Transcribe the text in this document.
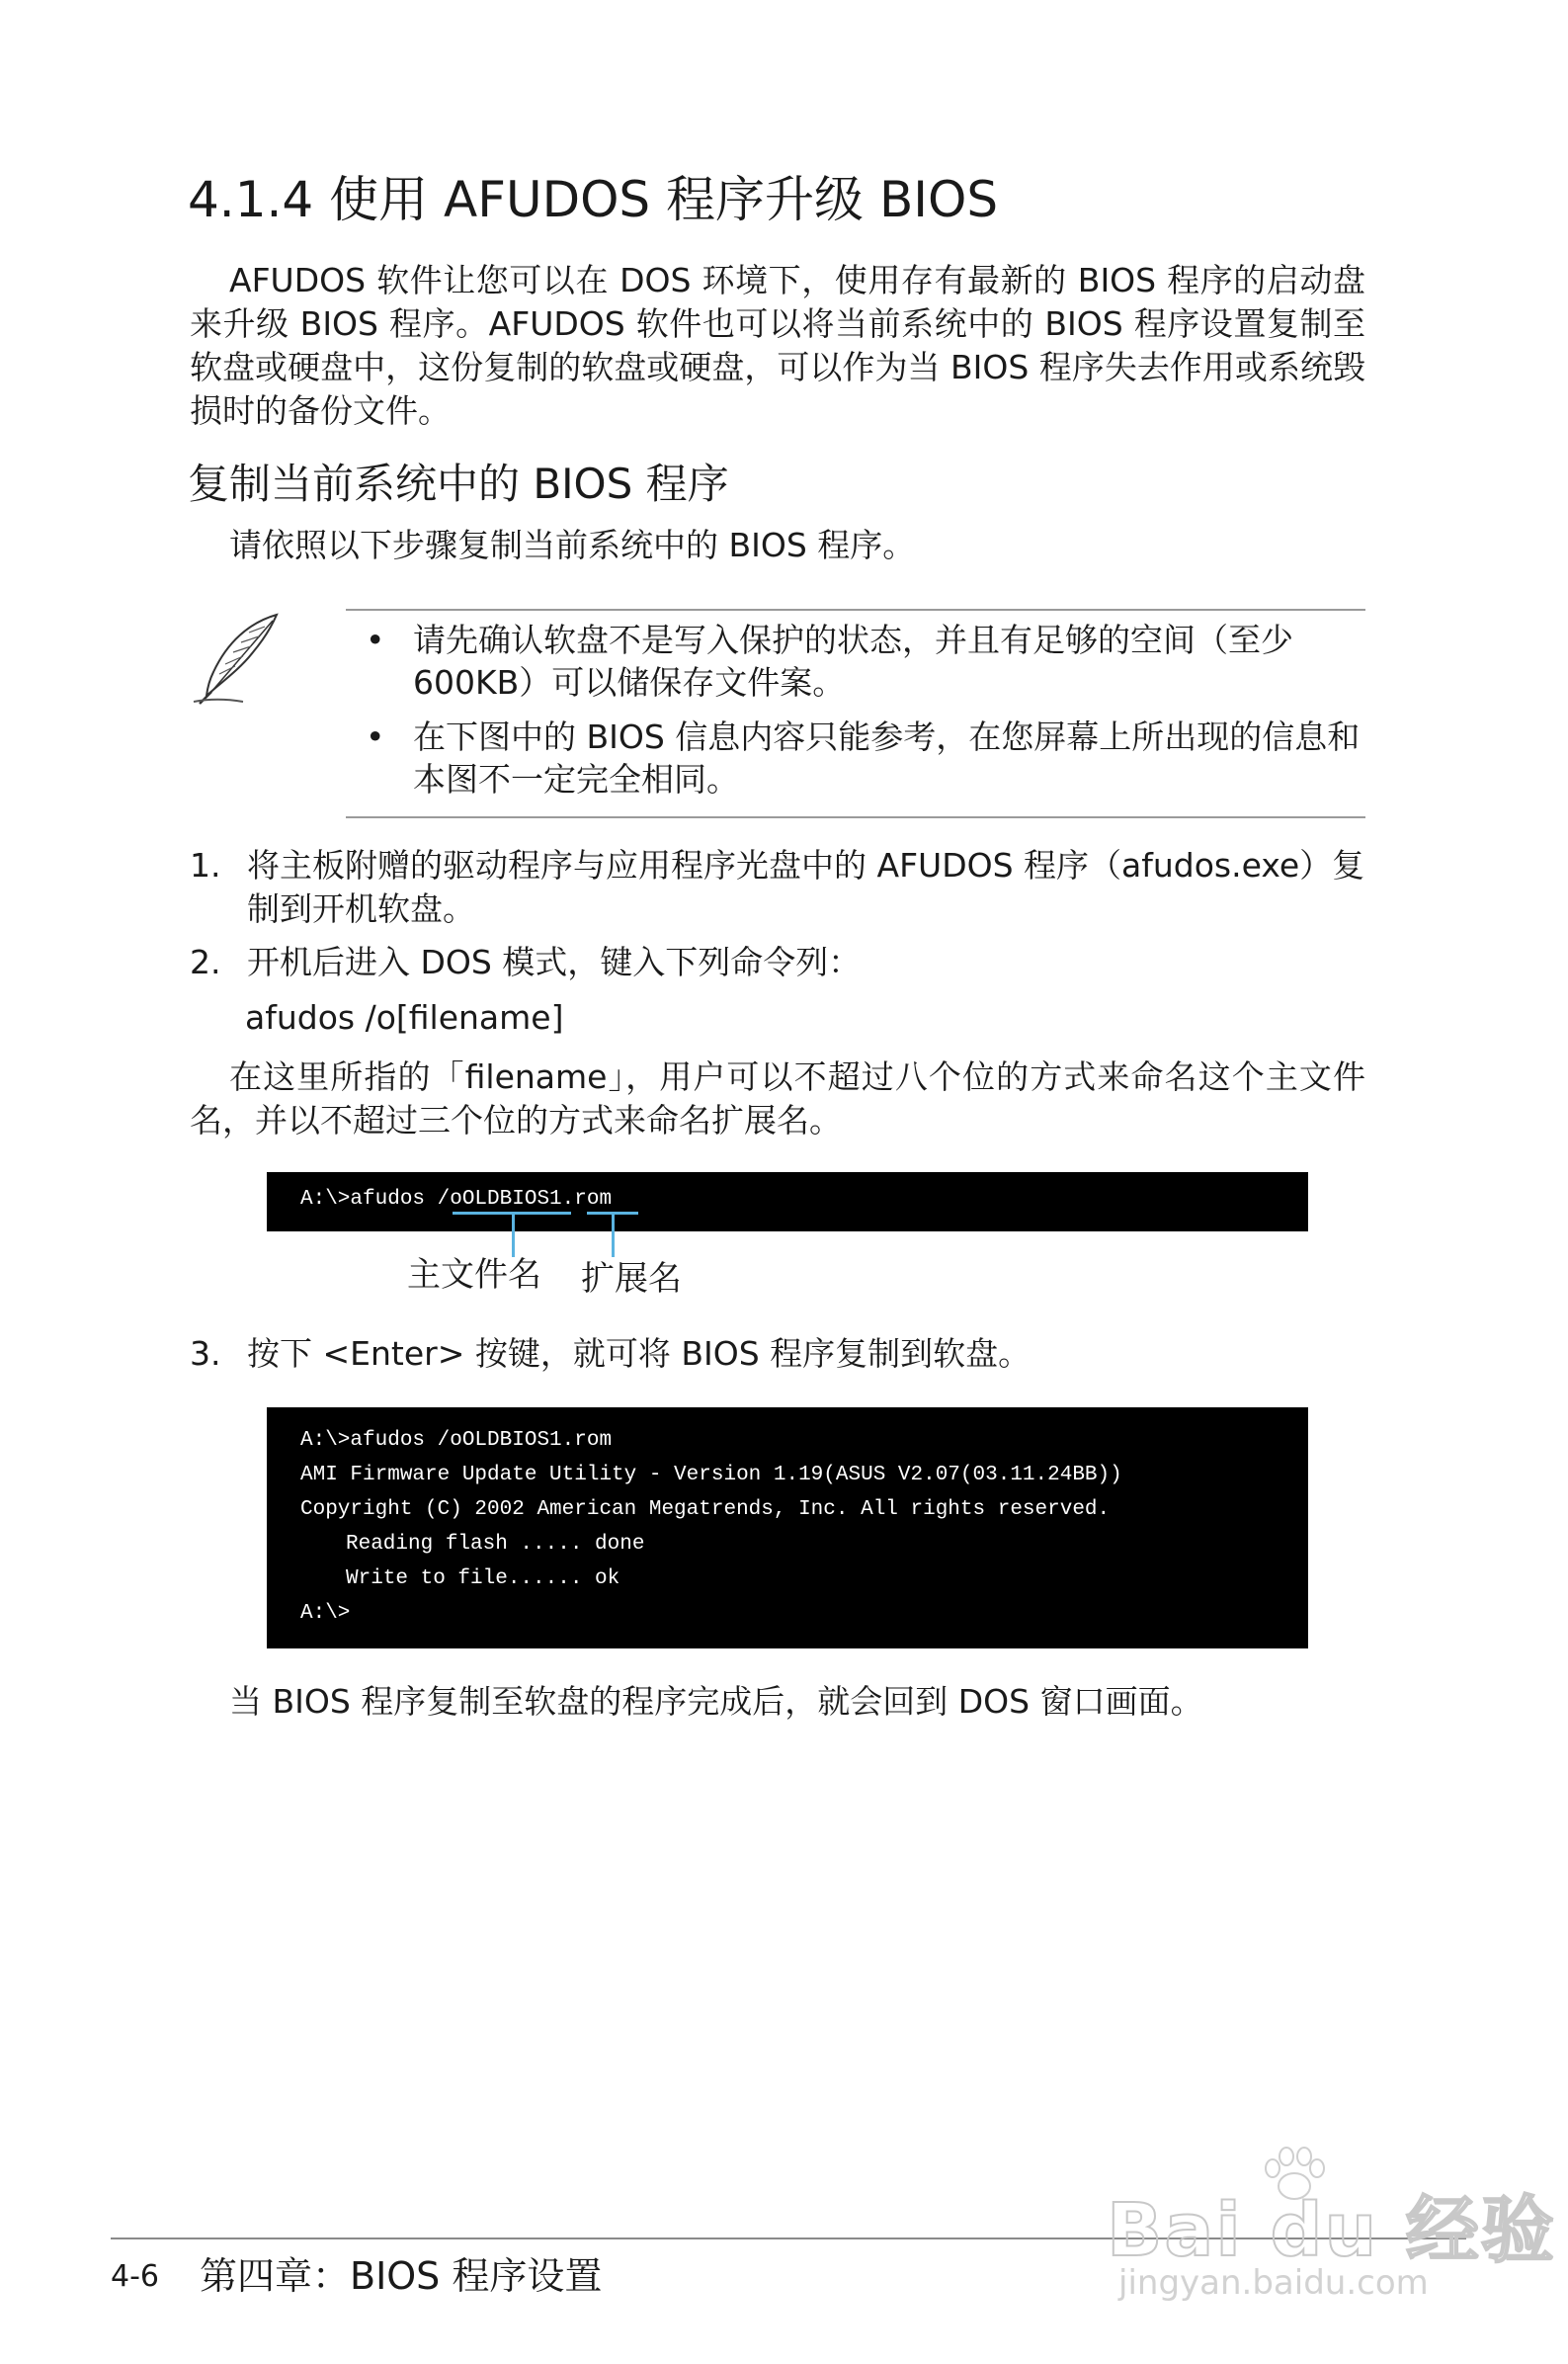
4.1.4 使用 AFUDOS 程序升级 BIOS
AFUDOS 软件让您可以在 DOS 环境下，使用存有最新的 BIOS 程序的启动盘来升级 BIOS 程序。AFUDOS 软件也可以将当前系统中的 BIOS 程序设置复制至软盘或硬盘中，这份复制的软盘或硬盘，可以作为当 BIOS 程序失去作用或系统毁损时的备份文件。
复制当前系统中的 BIOS 程序
请依照以下步骤复制当前系统中的 BIOS 程序。
• 请先确认软盘不是写入保护的状态，并且有足够的空间（至少 600KB）可以储保存文件案。
• 在下图中的 BIOS 信息内容只能参考，在您屏幕上所出现的信息和本图不一定完全相同。
1. 将主板附赠的驱动程序与应用程序光盘中的 AFUDOS 程序（afudos.exe）复制到开机软盘。
2. 开机后进入 DOS 模式，键入下列命令列：
afudos /o[filename]
在这里所指的「filename」，用户可以不超过八个位的方式来命名这个主文件名，并以不超过三个位的方式来命名扩展名。
A:\>afudos /oOLDBIOS1.rom
主文件名 扩展名
3. 按下 <Enter> 按键，就可将 BIOS 程序复制到软盘。
A:\>afudos /oOLDBIOS1.rom
AMI Firmware Update Utility - Version 1.19(ASUS V2.07(03.11.24BB))
Copyright (C) 2002 American Megatrends, Inc. All rights reserved.
Reading flash ..... done
Write to file...... ok
A:\>
当 BIOS 程序复制至软盘的程序完成后，就会回到 DOS 窗口画面。
4-6 第四章：BIOS 程序设置
Bai du 经验
jingyan.baidu.com
